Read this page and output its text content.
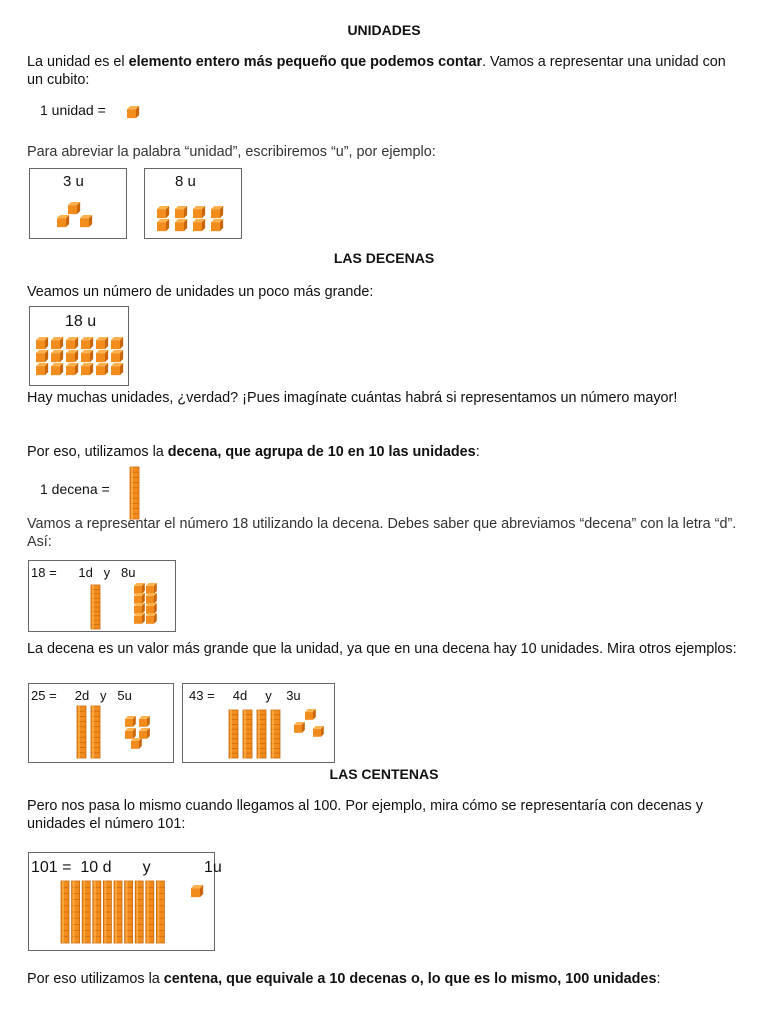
UNIDADES

La unidad es el elemento entero más pequeño que podemos contar. Vamos a representar una unidad con un cubito:

1 unidad =

Para abreviar la palabra “unidad”, escribiremos “u”, por ejemplo:

3 u	8 u
LAS DECENAS

Veamos un número de unidades un poco más grande:

18 u

Hay muchas unidades, ¿verdad? ¡Pues imagínate cuántas habrá si representamos un número mayor!

Por eso, utilizamos la decena, que agrupa de 10 en 10 las unidades:

1 decena =

Vamos a representar el número 18 utilizando la decena. Debes saber que abreviamos “decena” con la letra “d”. Así:

18 =      1d   y   8u

La decena es un valor más grande que la unidad, ya que en una decena hay 10 unidades. Mira otros ejemplos:

25 =     2d   y   5u	43 =     4d     y    3u
LAS CENTENAS

Pero nos pasa lo mismo cuando llegamos al 100. Por ejemplo, mira cómo se representaría con decenas y unidades el número 101:

101 =  10 d       y            1u

Por eso utilizamos la centena, que equivale a 10 decenas o, lo que es lo mismo, 100 unidades:
